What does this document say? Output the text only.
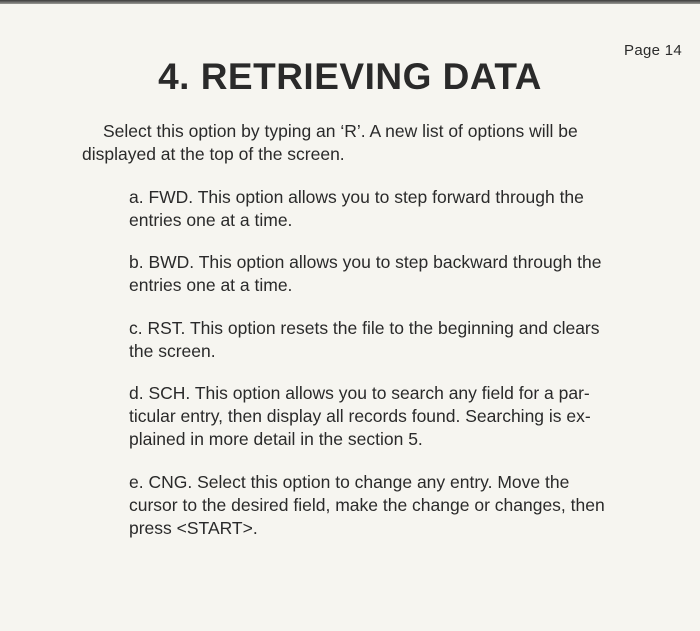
Page 14
4. RETRIEVING DATA

Select this option by typing an ‘R’. A new list of options will be displayed at the top of the screen.

a. FWD. This option allows you to step forward through the entries one at a time.

b. BWD. This option allows you to step backward through the entries one at a time.

c. RST. This option resets the file to the beginning and clears the screen.

d. SCH. This option allows you to search any field for a particular entry, then display all records found. Searching is explained in more detail in the section 5.

e. CNG. Select this option to change any entry. Move the cursor to the desired field, make the change or changes, then press <START>.
